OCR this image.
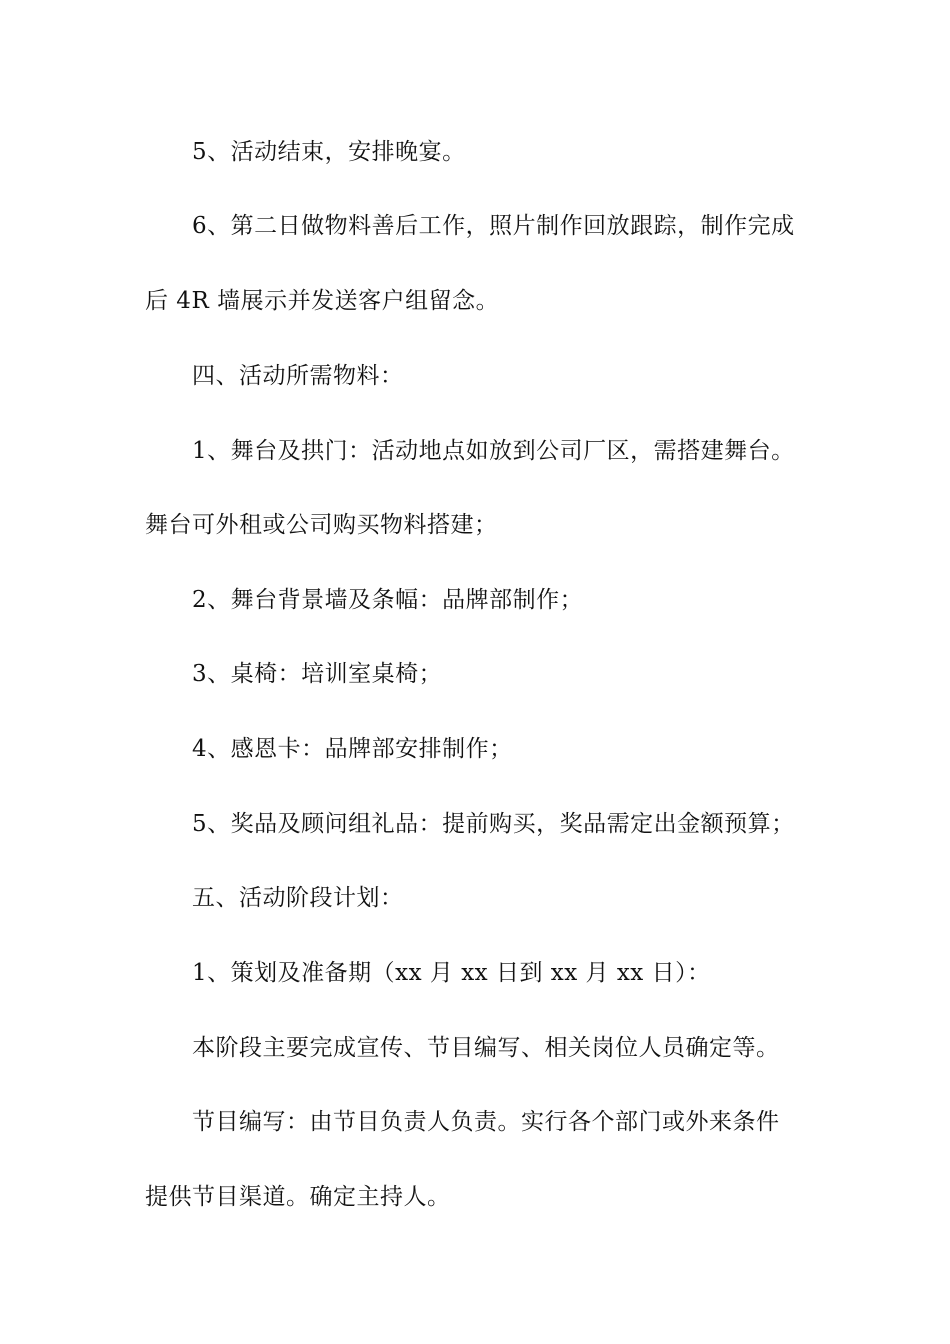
5、活动结束，安排晚宴。
6、第二日做物料善后工作，照片制作回放跟踪，制作完成
后 4R 墙展示并发送客户组留念。
四、活动所需物料：
1、舞台及拱门：活动地点如放到公司厂区，需搭建舞台。
舞台可外租或公司购买物料搭建；
2、舞台背景墙及条幅：品牌部制作；
3、桌椅：培训室桌椅；
4、感恩卡：品牌部安排制作；
5、奖品及顾问组礼品：提前购买，奖品需定出金额预算；
五、活动阶段计划：
1、策划及准备期（xx 月 xx 日到 xx 月 xx 日）：
本阶段主要完成宣传、节目编写、相关岗位人员确定等。
节目编写：由节目负责人负责。实行各个部门或外来条件
提供节目渠道。确定主持人。
